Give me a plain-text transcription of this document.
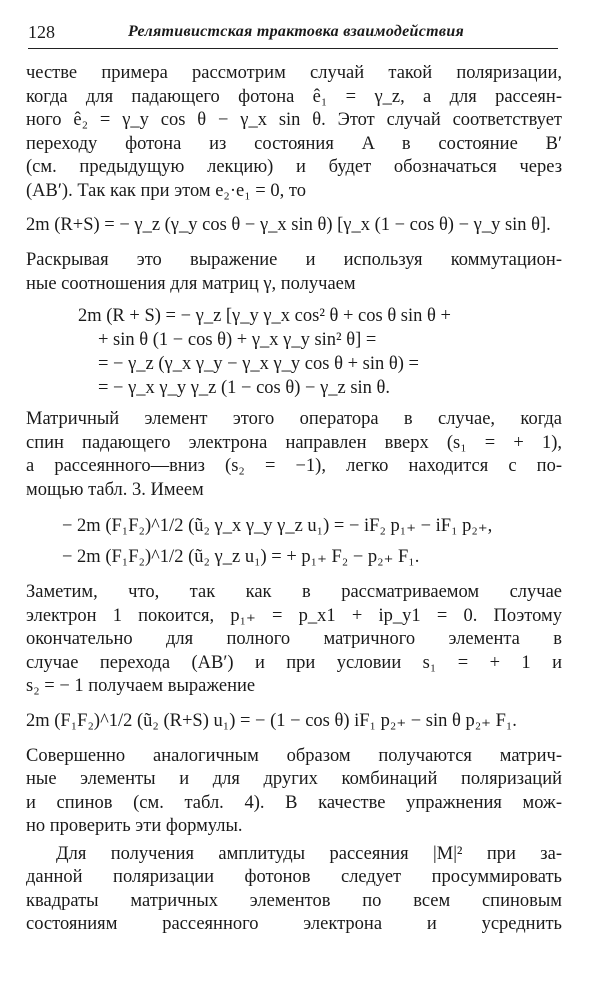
128	Релятивистская трактовка взаимодействия

честве примера рассмотрим случай такой поляризации,
когда для падающего фотона ê₁ = γ_z, а для рассеян-
ного ê₂ = γ_y cos θ − γ_x sin θ. Этот случай соответствует
переходу фотона из состояния A в состояние B′
(см. предыдущую лекцию) и будет обозначаться через

(AB′). Так как при этом e₂·e₁ = 0, то

2m (R+S) = − γ_z (γ_y cos θ − γ_x sin θ) [γ_x (1 − cos θ) − γ_y sin θ].

Раскрывая это выражение и используя коммутацион-

ные соотношения для матриц γ, получаем

2m (R + S) = − γ_z [γ_y γ_x cos² θ + cos θ sin θ +

+ sin θ (1 − cos θ) + γ_x γ_y sin² θ] =

= − γ_z (γ_x γ_y − γ_x γ_y cos θ + sin θ) =

= − γ_x γ_y γ_z (1 − cos θ) − γ_z sin θ.

Матричный элемент этого оператора в случае, когда
спин падающего электрона направлен вверх (s₁ = + 1),
а рассеянного—вниз (s₂ = −1), легко находится с по-

мощью табл. 3. Имеем

− 2m (F₁F₂)^1/2 (ũ₂ γ_x γ_y γ_z u₁) = − iF₂ p₁₊ − iF₁ p₂₊,

− 2m (F₁F₂)^1/2 (ũ₂ γ_z u₁) = + p₁₊ F₂ − p₂₊ F₁.

Заметим, что, так как в рассматриваемом случае
электрон 1 покоится, p₁₊ = p_x1 + ip_y1 = 0. Поэтому
окончательно для полного матричного элемента в
случае перехода (AB′) и при условии s₁ = + 1 и

s₂ = − 1 получаем выражение

2m (F₁F₂)^1/2 (ũ₂ (R+S) u₁) = − (1 − cos θ) iF₁ p₂₊ − sin θ p₂₊ F₁.

Совершенно аналогичным образом получаются матрич-
ные элементы и для других комбинаций поляризаций
и спинов (см. табл. 4). В качестве упражнения мож-

но проверить эти формулы.

Для получения амплитуды рассеяния |M|² при за-
данной поляризации фотонов следует просуммировать
квадраты матричных элементов по всем спиновым
состояниям рассеянного электрона и усреднить
